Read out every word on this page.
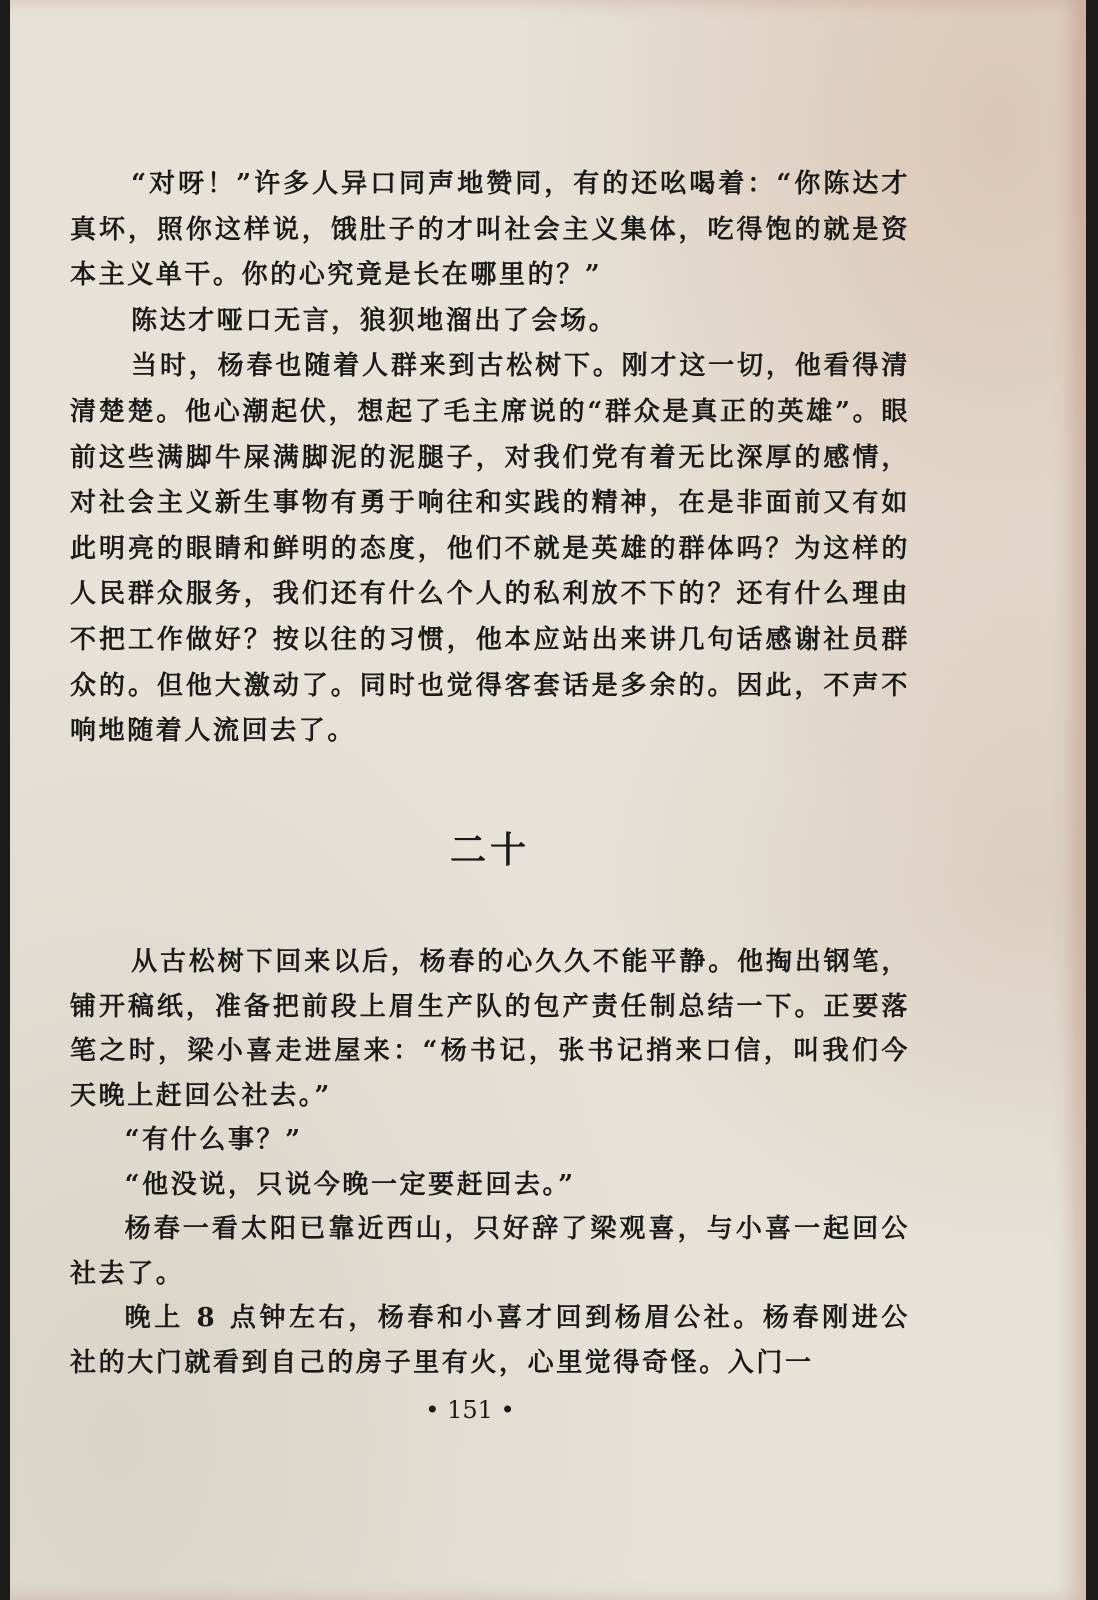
“对呀！”许多人异口同声地赞同，有的还吆喝着：“你陈达才真坏，照你这样说，饿肚子的才叫社会主义集体，吃得饱的就是资本主义单干。你的心究竟是长在哪里的？”

陈达才哑口无言，狼狈地溜出了会场。

当时，杨春也随着人群来到古松树下。刚才这一切，他看得清清楚楚。他心潮起伏，想起了毛主席说的“群众是真正的英雄”。眼前这些满脚牛屎满脚泥的泥腿子，对我们党有着无比深厚的感情，对社会主义新生事物有勇于响往和实践的精神，在是非面前又有如此明亮的眼睛和鲜明的态度，他们不就是英雄的群体吗？为这样的人民群众服务，我们还有什么个人的私利放不下的？还有什么理由不把工作做好？按以往的习惯，他本应站出来讲几句话感谢社员群众的。但他大激动了。同时也觉得客套话是多余的。因此，不声不响地随着人流回去了。

二十

从古松树下回来以后，杨春的心久久不能平静。他掏出钢笔，铺开稿纸，准备把前段上眉生产队的包产责任制总结一下。正要落笔之时，梁小喜走进屋来：“杨书记，张书记捎来口信，叫我们今天晚上赶回公社去。”

“有什么事？”

“他没说，只说今晚一定要赶回去。”

杨春一看太阳已靠近西山，只好辞了梁观喜，与小喜一起回公社去了。

晚上 8 点钟左右，杨春和小喜才回到杨眉公社。杨春刚进公社的大门就看到自己的房子里有火，心里觉得奇怪。入门一

• 151 •
